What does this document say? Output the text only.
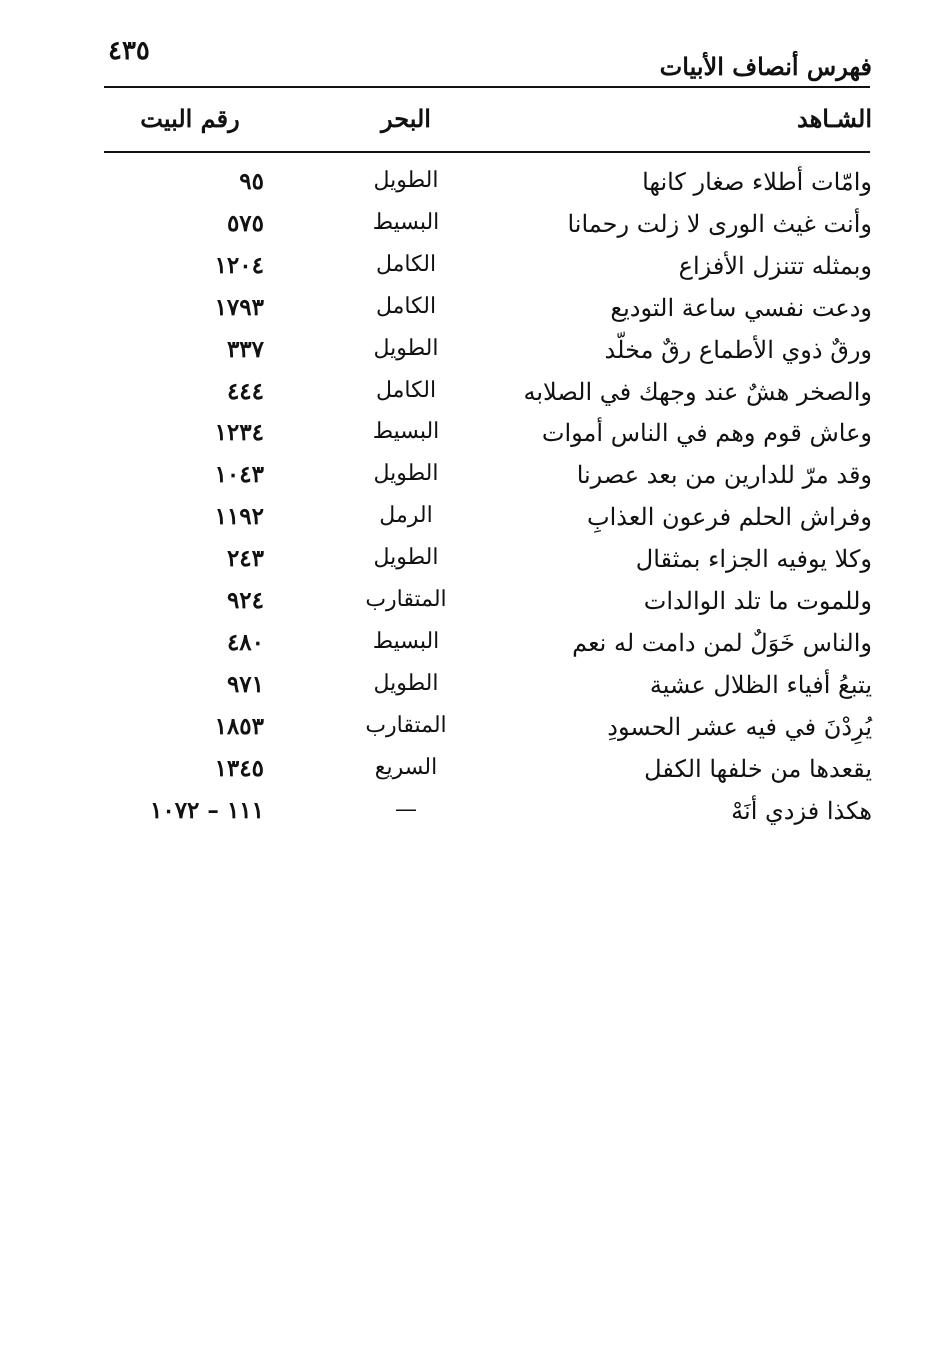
٤٣٥
فهرس أنصاف الأبيات
الشـاهد
البحر
رقم البيت
وامّات أطلاء صغار كانها
الطويل
٩٥
وأنت غيث الورى لا زلت رحمانا
البسيط
٥٧٥
وبمثله تتنزل الأفزاع
الكامل
١٢٠٤
ودعت نفسي ساعة التوديع
الكامل
١٧٩٣
ورقٌ ذوي الأطماع رقٌ مخلّد
الطويل
٣٣٧
والصخر هشٌ عند وجهك في الصلابه
الكامل
٤٤٤
وعاش قوم وهم في الناس أموات
البسيط
١٢٣٤
وقد مرّ للدارين من بعد عصرنا
الطويل
١٠٤٣
وفراش الحلم فرعون العذابِ
الرمل
١١٩٢
وكلا يوفيه الجزاء بمثقال
الطويل
٢٤٣
وللموت ما تلد الوالدات
المتقارب
٩٢٤
والناس خَوَلٌ لمن دامت له نعم
البسيط
٤٨٠
يتبعُ أفياء الظلال عشية
الطويل
٩٧١
يُرِدْنَ في فيه عشر الحسودِ
المتقارب
١٨٥٣
يقعدها من خلفها الكفل
السريع
١٣٤٥
هكذا فزدي أنَهْ
—
١١١ – ١٠٧٢
